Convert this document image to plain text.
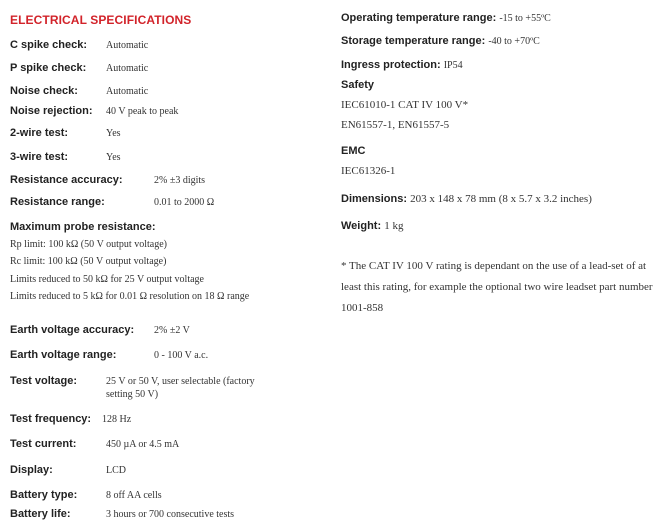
ELECTRICAL SPECIFICATIONS
C spike check: Automatic
P spike check: Automatic
Noise check:	Automatic
Noise rejection: 40 V peak to peak
2-wire test:	Yes
3-wire test:	Yes
Resistance accuracy:	2% ±3 digits
Resistance range:	0.01 to 2000 Ω
Maximum probe resistance:
Rp limit: 100 kΩ (50 V output voltage)
Rc limit: 100 kΩ (50 V output voltage)
Limits reduced to 50 kΩ for 25 V output voltage
Limits reduced to 5 kΩ for 0.01 Ω resolution on 18 Ω range
Earth voltage accuracy: 2% ±2 V
Earth voltage range:	0 - 100 V a.c.
Test voltage:	25 V or 50 V, user selectable (factory
setting 50 V)
Test frequency: 128 Hz
Test current:	450 µA or 4.5 mA
Display:	LCD
Battery type:	8 off AA cells
Battery life:	3 hours or 700 consecutive tests
Operating temperature range: -15 to +55ºC
Storage temperature range: -40 to +70ºC
Ingress protection: IP54
Safety
IEC61010-1 CAT IV 100 V*
EN61557-1, EN61557-5
EMC
IEC61326-1
Dimensions: 203 x 148 x 78 mm (8 x 5.7 x 3.2 inches)
Weight: 1 kg
* The CAT IV 100 V rating is dependant on the use of a lead-set of at least this rating, for example the optional two wire leadset part number 1001-858
